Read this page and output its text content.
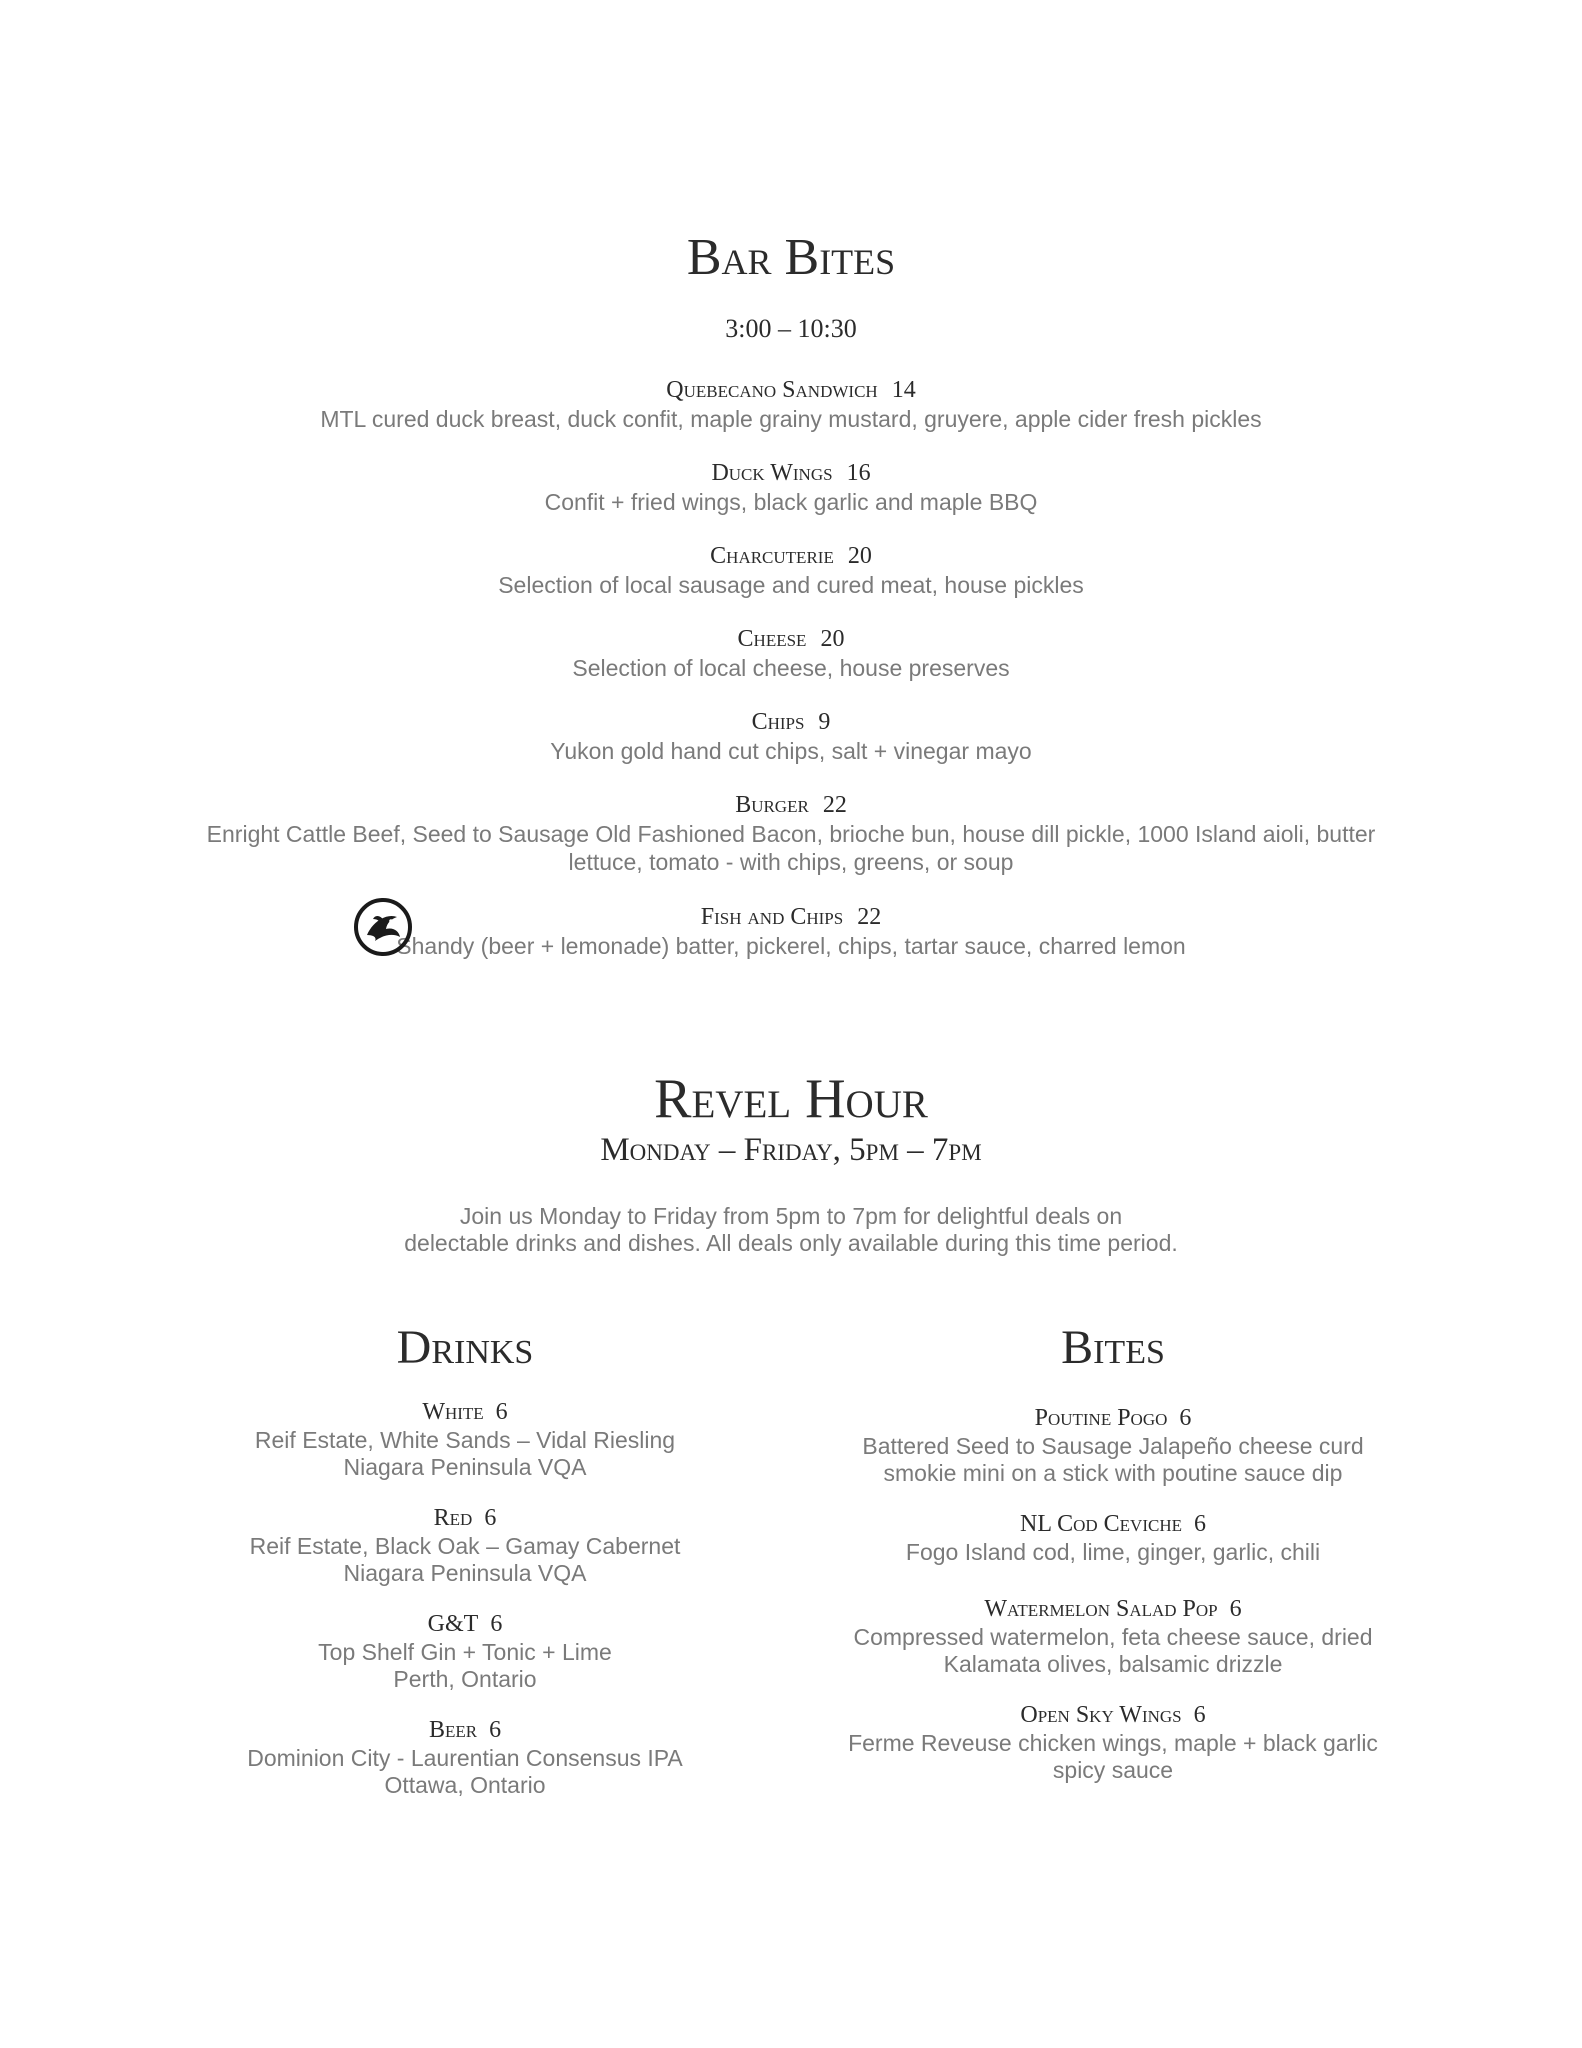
Bar Bites
3:00 – 10:30
Quebecano Sandwich 14
MTL cured duck breast, duck confit, maple grainy mustard, gruyere, apple cider fresh pickles
Duck Wings 16
Confit + fried wings, black garlic and maple BBQ
Charcuterie 20
Selection of local sausage and cured meat, house pickles
Cheese 20
Selection of local cheese, house preserves
Chips 9
Yukon gold hand cut chips, salt + vinegar mayo
Burger 22
Enright Cattle Beef, Seed to Sausage Old Fashioned Bacon, brioche bun, house dill pickle, 1000 Island aioli, butter
lettuce, tomato - with chips, greens, or soup
Fish and Chips 22
Shandy (beer + lemonade) batter, pickerel, chips, tartar sauce, charred lemon
Revel Hour
Monday – Friday, 5pm – 7pm
Join us Monday to Friday from 5pm to 7pm for delightful deals on
delectable drinks and dishes. All deals only available during this time period.
Drinks
White 6
Reif Estate, White Sands – Vidal Riesling
Niagara Peninsula VQA
Red 6
Reif Estate, Black Oak – Gamay Cabernet
Niagara Peninsula VQA
G&T 6
Top Shelf Gin + Tonic + Lime
Perth, Ontario
Beer 6
Dominion City - Laurentian Consensus IPA
Ottawa, Ontario
Bites
Poutine Pogo 6
Battered Seed to Sausage Jalapeño cheese curd
smokie mini on a stick with poutine sauce dip
NL Cod Ceviche 6
Fogo Island cod, lime, ginger, garlic, chili
Watermelon Salad Pop 6
Compressed watermelon, feta cheese sauce, dried
Kalamata olives, balsamic drizzle
Open Sky Wings 6
Ferme Reveuse chicken wings, maple + black garlic
spicy sauce
